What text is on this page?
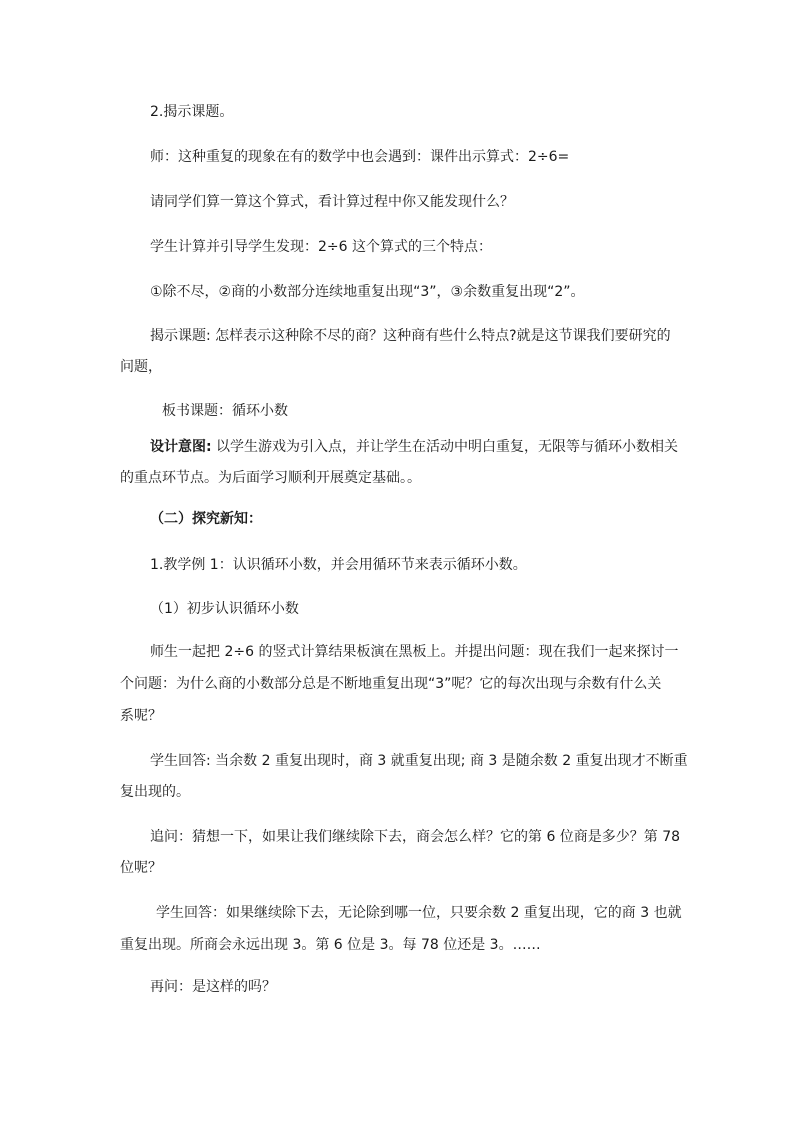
2.揭示课题。
师：这种重复的现象在有的数学中也会遇到：课件出示算式：2÷6=
请同学们算一算这个算式，看计算过程中你又能发现什么？
学生计算并引导学生发现：2÷6 这个算式的三个特点：
①除不尽，②商的小数部分连续地重复出现“3”，③余数重复出现“2”。
揭示课题: 怎样表示这种除不尽的商？这种商有些什么特点?就是这节课我们要研究的
问题，
板书课题：循环小数
设计意图: 以学生游戏为引入点，并让学生在活动中明白重复，无限等与循环小数相关
的重点环节点。为后面学习顺利开展奠定基础。。
（二）探究新知：
1.教学例 1：认识循环小数，并会用循环节来表示循环小数。
（1）初步认识循环小数
师生一起把 2÷6 的竖式计算结果板演在黑板上。并提出问题：现在我们一起来探讨一
个问题：为什么商的小数部分总是不断地重复出现“3”呢？它的每次出现与余数有什么关
系呢？
学生回答: 当余数 2 重复出现时，商 3 就重复出现; 商 3 是随余数 2 重复出现才不断重
复出现的。
追问：猜想一下，如果让我们继续除下去，商会怎么样？它的第 6 位商是多少？第 78
位呢？
学生回答：如果继续除下去，无论除到哪一位，只要余数 2 重复出现，它的商 3 也就
重复出现。所商会永远出现 3。第 6 位是 3。每 78 位还是 3。……
再问：是这样的吗？
